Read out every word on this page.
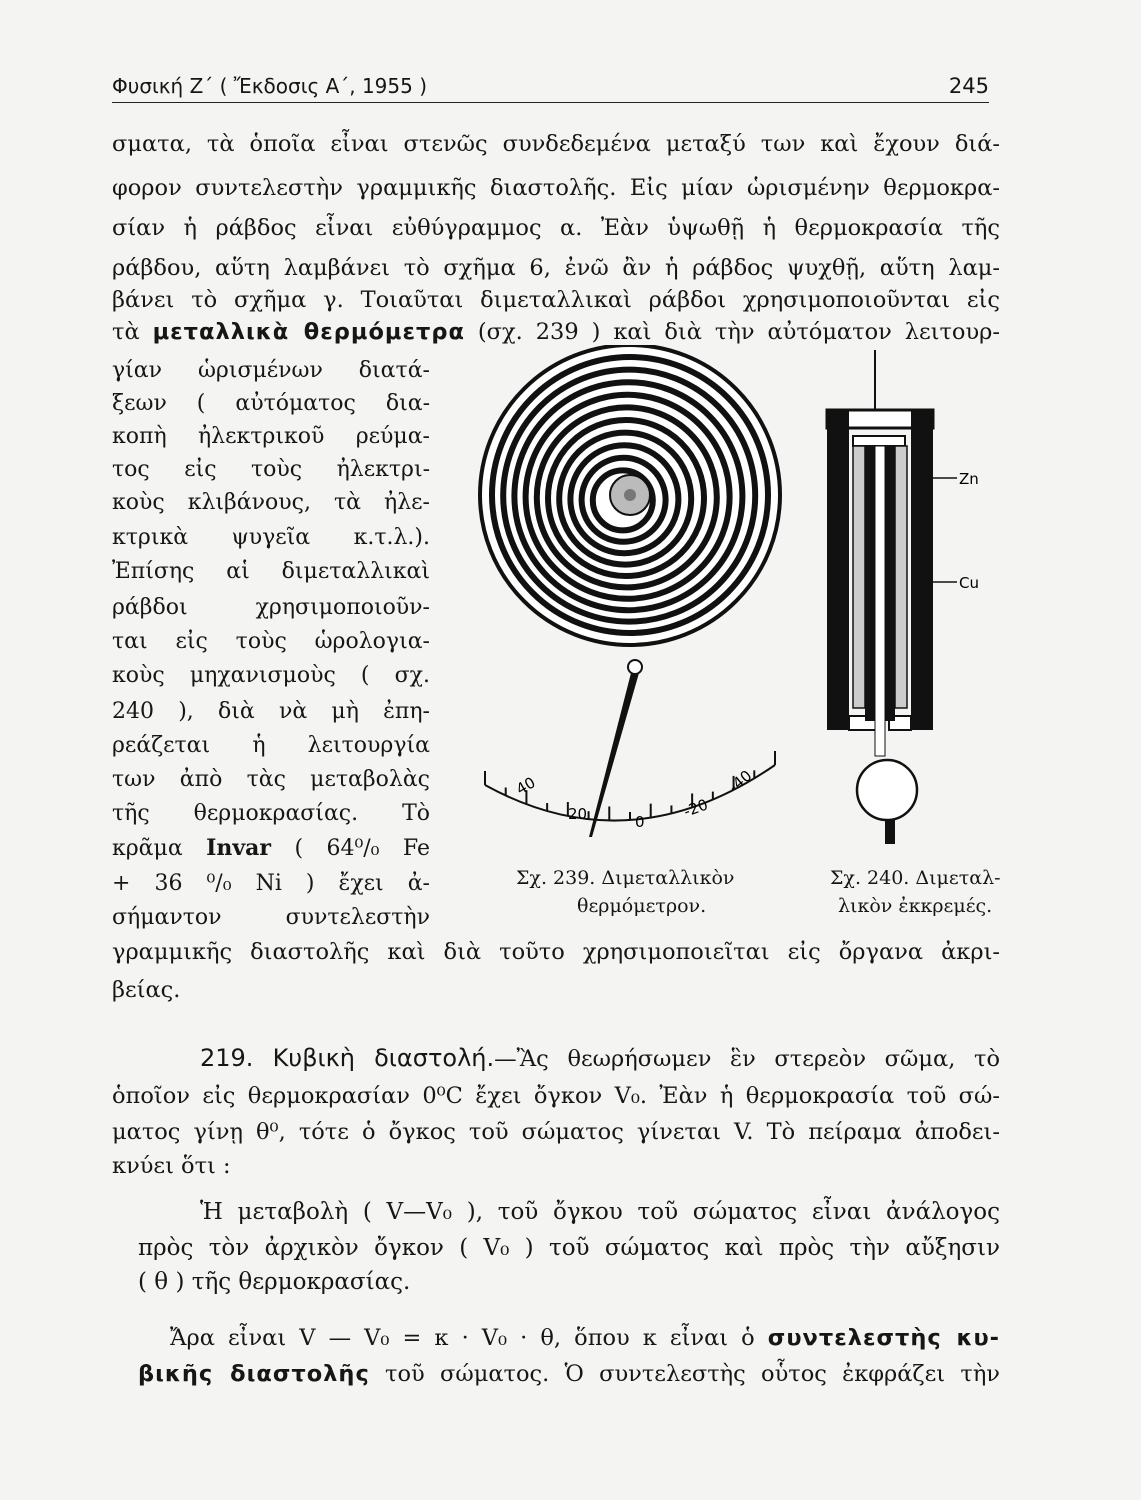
Φυσική Ζ΄ ( Ἔκδοσις Α΄, 1955 )	245
σματα, τὰ ὁποῖα εἶναι στενῶς συνδεδεμένα μεταξύ των καὶ ἔχουν διά-
φορον συντελεστὴν γραμμικῆς διαστολῆς. Εἰς μίαν ὡρισμένην θερμοκρα-
σίαν ἡ ράβδος εἶναι εὐθύγραμμος α. Ἐὰν ὑψωθῇ ἡ θερμοκρασία τῆς
ράβδου, αὕτη λαμβάνει τὸ σχῆμα 6, ἐνῶ ἂν ἡ ράβδος ψυχθῇ, αὕτη λαμ-
βάνει τὸ σχῆμα γ. Τοιαῦται διμεταλλικαὶ ράβδοι χρησιμοποιοῦνται εἰς
τὰ μεταλλικὰ θερμόμετρα (σχ. 239 ) καὶ διὰ τὴν αὐτόματον λειτουρ-
γίαν ὡρισμένων διατά-
ξεων ( αὐτόματος δια-
κοπὴ ἠλεκτρικοῦ ρεύμα-
τος εἰς τοὺς ἠλεκτρι-
κοὺς κλιβάνους, τὰ ἠλε-
κτρικὰ ψυγεῖα κ.τ.λ.).
Ἐπίσης αἱ διμεταλλικαὶ
ράβδοι χρησιμοποιοῦν-
ται εἰς τοὺς ὡρολογια-
κοὺς μηχανισμοὺς ( σχ.
240 ), διὰ νὰ μὴ ἐπη-
ρεάζεται ἡ λειτουργία
των ἀπὸ τὰς μεταβολὰς
τῆς θερμοκρασίας. Τὸ
κρᾶμα Invar ( 64⁰/₀ Fe
+ 36 ⁰/₀ Ni ) ἔχει ἀ-
σήμαντον συντελεστὴν
γραμμικῆς διαστολῆς καὶ διὰ τοῦτο χρησιμοποιεῖται εἰς ὄργανα ἀκρι-
βείας.
40
20	0
-20
-40
Σχ. 239. Διμεταλλικὸν
θερμόμετρον.
Zn
Cu
Σχ. 240. Διμεταλ-
λικὸν ἐκκρεμές.
219. Κυβικὴ διαστολή.—Ἂς θεωρήσωμεν ἓν στερεὸν σῶμα, τὸ
ὁποῖον εἰς θερμοκρασίαν 0⁰C ἔχει ὄγκον V₀. Ἐὰν ἡ θερμοκρασία τοῦ σώ-
ματος γίνῃ θ⁰, τότε ὁ ὄγκος τοῦ σώματος γίνεται V. Τὸ πείραμα ἀποδει-
κνύει ὅτι :
Ἡ μεταβολὴ ( V—V₀ ), τοῦ ὄγκου τοῦ σώματος εἶναι ἀνάλογος
πρὸς τὸν ἀρχικὸν ὄγκον ( V₀ ) τοῦ σώματος καὶ πρὸς τὴν αὔξησιν
( θ ) τῆς θερμοκρασίας.
Ἄρα εἶναι V — V₀ = κ · V₀ · θ, ὅπου κ εἶναι ὁ συντελεστὴς κυ-
βικῆς διαστολῆς τοῦ σώματος. Ὁ συντελεστὴς οὗτος ἐκφράζει τὴν
